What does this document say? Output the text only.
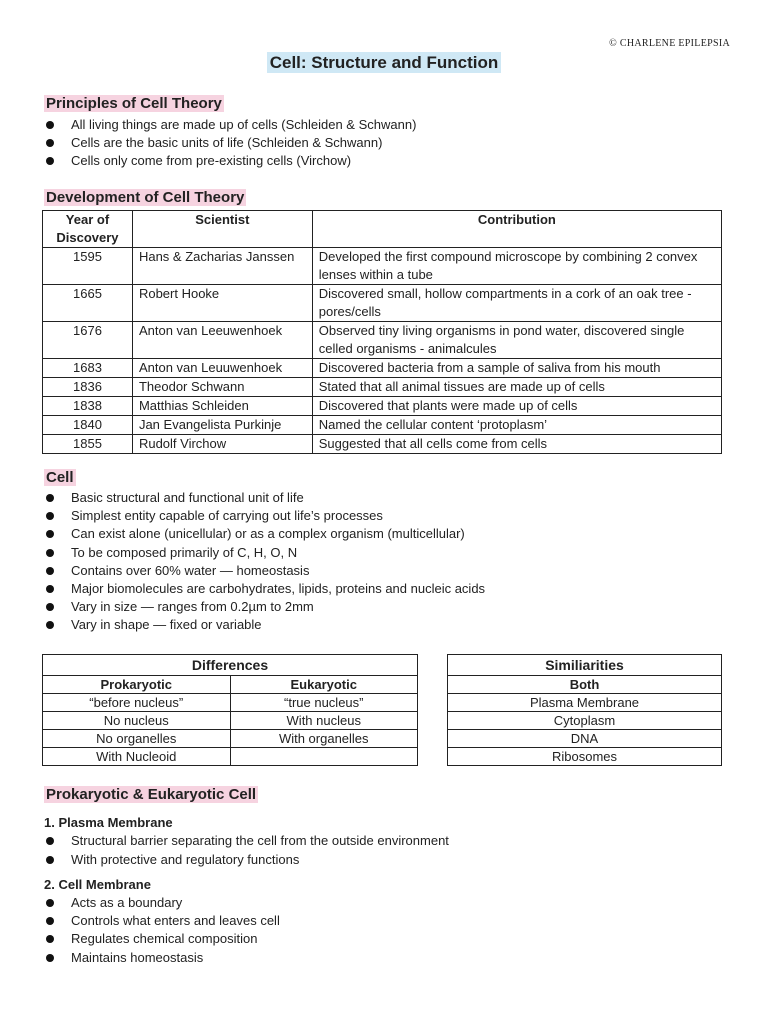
© CHARLENE EPILEPSIA
Cell: Structure and Function
Principles of Cell Theory
All living things are made up of cells (Schleiden & Schwann)
Cells are the basic units of life (Schleiden & Schwann)
Cells only come from pre-existing cells (Virchow)
Development of Cell Theory
Year of Discovery	Scientist	Contribution
1595	Hans & Zacharias Janssen	Developed the first compound microscope by combining 2 convex lenses within a tube
1665	Robert Hooke	Discovered small, hollow compartments in a cork of an oak tree - pores/cells
1676	Anton van Leeuwenhoek	Observed tiny living organisms in pond water, discovered single celled organisms - animalcules
1683	Anton van Leuuwenhoek	Discovered bacteria from a sample of saliva from his mouth
1836	Theodor Schwann	Stated that all animal tissues are made up of cells
1838	Matthias Schleiden	Discovered that plants were made up of cells
1840	Jan Evangelista Purkinje	Named the cellular content ‘protoplasm’
1855	Rudolf Virchow	Suggested that all cells come from cells
Cell
Basic structural and functional unit of life
Simplest entity capable of carrying out life’s processes
Can exist alone (unicellular) or as a complex organism (multicellular)
To be composed primarily of C, H, O, N
Contains over 60% water — homeostasis
Major biomolecules are carbohydrates, lipids, proteins and nucleic acids
Vary in size — ranges from 0.2µm to 2mm
Vary in shape — fixed or variable
Differences	
Prokaryotic	Eukaryotic
“before nucleus”	“true nucleus”
No nucleus	With nucleus
No organelles	With organelles
With Nucleoid	
Similiarities
Both
Plasma Membrane
Cytoplasm
DNA
Ribosomes
Prokaryotic & Eukaryotic Cell
1. Plasma Membrane
Structural barrier separating the cell from the outside environment
With protective and regulatory functions
2. Cell Membrane
Acts as a boundary
Controls what enters and leaves cell
Regulates chemical composition
Maintains homeostasis
